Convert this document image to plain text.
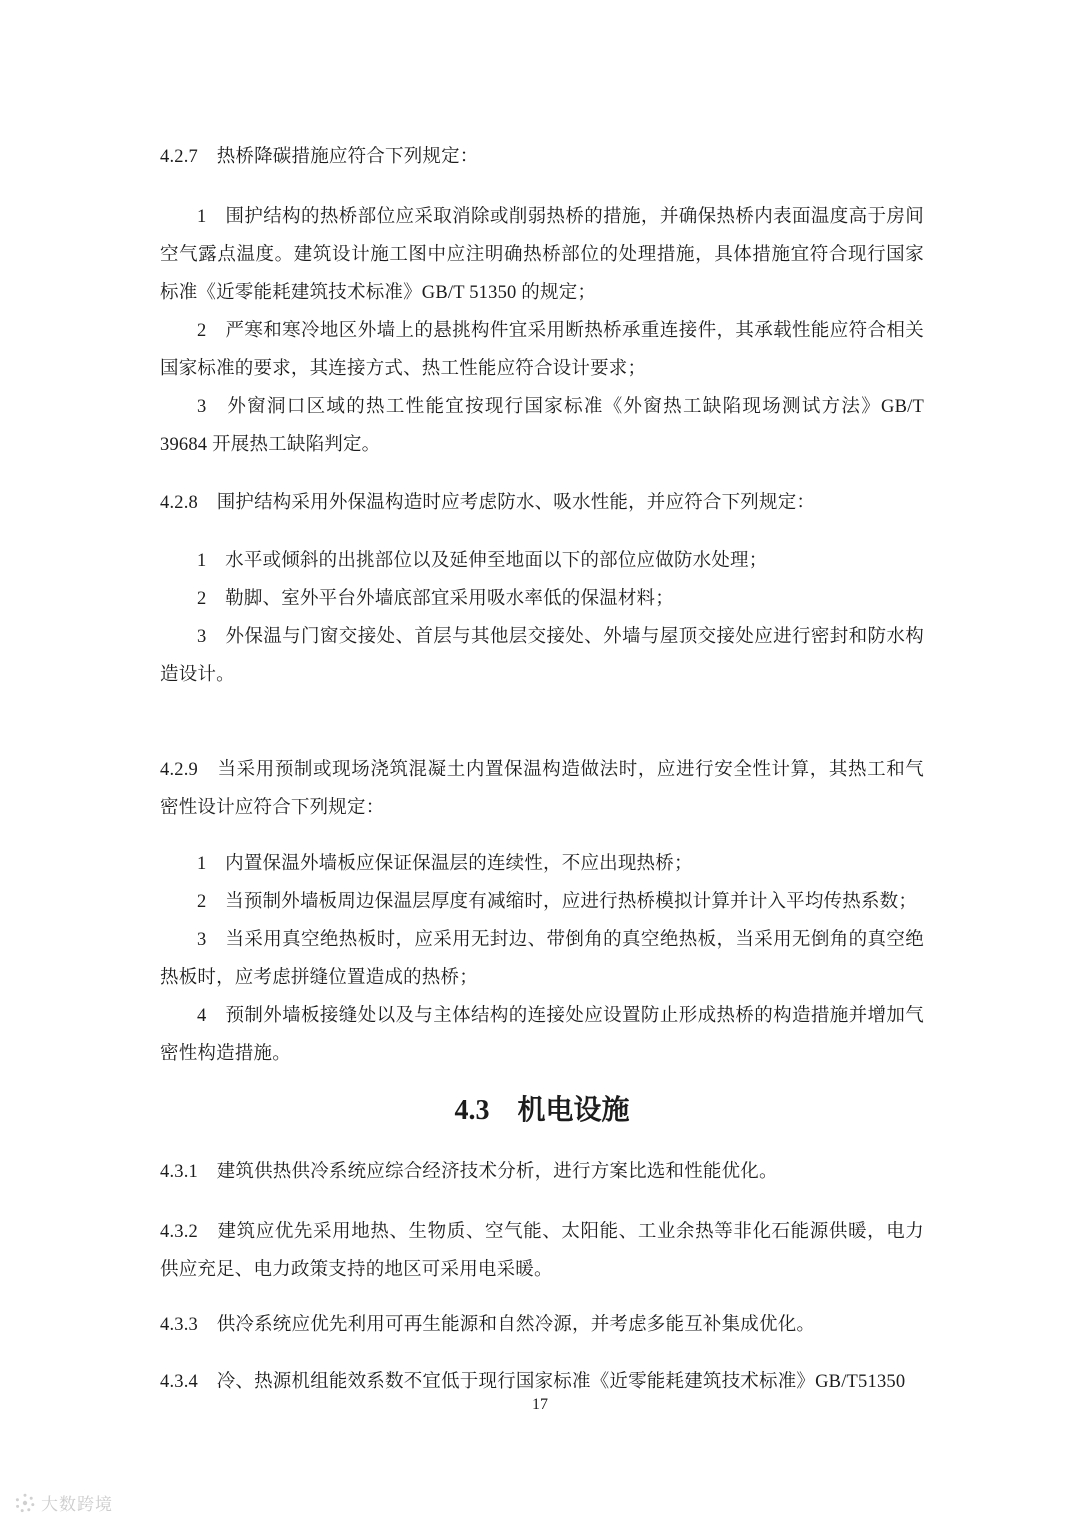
4.2.7　热桥降碳措施应符合下列规定：

1　围护结构的热桥部位应采取消除或削弱热桥的措施，并确保热桥内表面温度高于房间空气露点温度。建筑设计施工图中应注明确热桥部位的处理措施，具体措施宜符合现行国家标准《近零能耗建筑技术标准》GB/T 51350 的规定；

2　严寒和寒冷地区外墙上的悬挑构件宜采用断热桥承重连接件，其承载性能应符合相关国家标准的要求，其连接方式、热工性能应符合设计要求；

3　外窗洞口区域的热工性能宜按现行国家标准《外窗热工缺陷现场测试方法》GB/T 39684 开展热工缺陷判定。

4.2.8　围护结构采用外保温构造时应考虑防水、吸水性能，并应符合下列规定：

1　水平或倾斜的出挑部位以及延伸至地面以下的部位应做防水处理；

2　勒脚、室外平台外墙底部宜采用吸水率低的保温材料；

3　外保温与门窗交接处、首层与其他层交接处、外墙与屋顶交接处应进行密封和防水构造设计。

4.2.9　当采用预制或现场浇筑混凝土内置保温构造做法时，应进行安全性计算，其热工和气密性设计应符合下列规定：

1　内置保温外墙板应保证保温层的连续性，不应出现热桥；

2　当预制外墙板周边保温层厚度有减缩时，应进行热桥模拟计算并计入平均传热系数；

3　当采用真空绝热板时，应采用无封边、带倒角的真空绝热板，当采用无倒角的真空绝热板时，应考虑拼缝位置造成的热桥；

4　预制外墙板接缝处以及与主体结构的连接处应设置防止形成热桥的构造措施并增加气密性构造措施。

4.3　机电设施

4.3.1　建筑供热供冷系统应综合经济技术分析，进行方案比选和性能优化。

4.3.2　建筑应优先采用地热、生物质、空气能、太阳能、工业余热等非化石能源供暖，电力供应充足、电力政策支持的地区可采用电采暖。

4.3.3　供冷系统应优先利用可再生能源和自然冷源，并考虑多能互补集成优化。

4.3.4　冷、热源机组能效系数不宜低于现行国家标准《近零能耗建筑技术标准》GB/T51350

17
大数跨境
